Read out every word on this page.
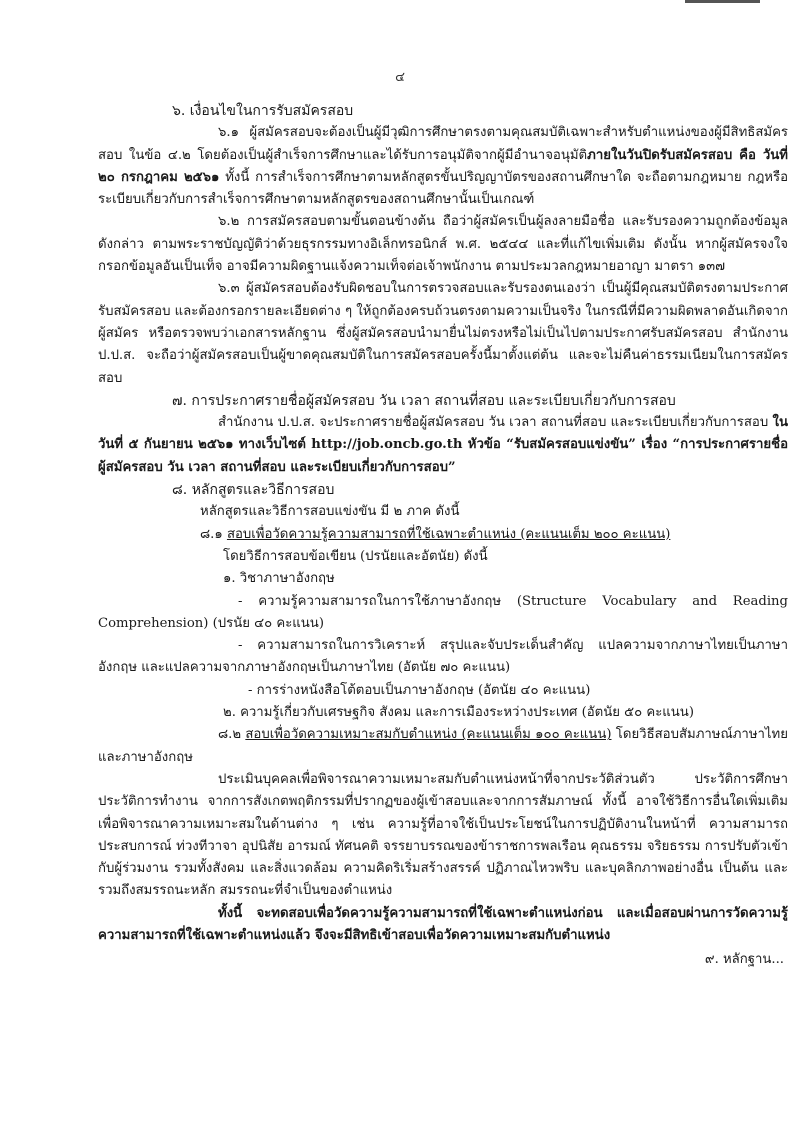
๔

๖. เงื่อนไขในการรับสมัครสอบ

๖.๑ ผู้สมัครสอบจะต้องเป็นผู้มีวุฒิการศึกษาตรงตามคุณสมบัติเฉพาะสำหรับตำแหน่งของผู้มีสิทธิสมัครสอบ ในข้อ ๔.๒ โดยต้องเป็นผู้สำเร็จการศึกษาและได้รับการอนุมัติจากผู้มีอำนาจอนุมัติภายในวันปิดรับสมัครสอบ คือ วันที่ ๒๐ กรกฎาคม ๒๕๖๑ ทั้งนี้ การสำเร็จการศึกษาตามหลักสูตรขั้นปริญญาบัตรของสถานศึกษาใด จะถือตามกฎหมาย กฎหรือระเบียบเกี่ยวกับการสำเร็จการศึกษาตามหลักสูตรของสถานศึกษานั้นเป็นเกณฑ์

๖.๒ การสมัครสอบตามขั้นตอนข้างต้น ถือว่าผู้สมัครเป็นผู้ลงลายมือชื่อ และรับรองความถูกต้องข้อมูลดังกล่าว ตามพระราชบัญญัติว่าด้วยธุรกรรมทางอิเล็กทรอนิกส์ พ.ศ. ๒๕๔๔ และที่แก้ไขเพิ่มเติม ดังนั้น หากผู้สมัครจงใจกรอกข้อมูลอันเป็นเท็จ อาจมีความผิดฐานแจ้งความเท็จต่อเจ้าพนักงาน ตามประมวลกฎหมายอาญา มาตรา ๑๓๗

๖.๓ ผู้สมัครสอบต้องรับผิดชอบในการตรวจสอบและรับรองตนเองว่า เป็นผู้มีคุณสมบัติตรงตามประกาศรับสมัครสอบ และต้องกรอกรายละเอียดต่าง ๆ ให้ถูกต้องครบถ้วนตรงตามความเป็นจริง ในกรณีที่มีความผิดพลาดอันเกิดจากผู้สมัคร หรือตรวจพบว่าเอกสารหลักฐาน ซึ่งผู้สมัครสอบนำมายื่นไม่ตรงหรือไม่เป็นไปตามประกาศรับสมัครสอบ สำนักงาน ป.ป.ส. จะถือว่าผู้สมัครสอบเป็นผู้ขาดคุณสมบัติในการสมัครสอบครั้งนี้มาตั้งแต่ต้น และจะไม่คืนค่าธรรมเนียมในการสมัครสอบ

๗. การประกาศรายชื่อผู้สมัครสอบ วัน เวลา สถานที่สอบ และระเบียบเกี่ยวกับการสอบ

สำนักงาน ป.ป.ส. จะประกาศรายชื่อผู้สมัครสอบ วัน เวลา สถานที่สอบ และระเบียบเกี่ยวกับการสอบ ในวันที่ ๕ กันยายน ๒๕๖๑ ทางเว็บไซต์ http://job.oncb.go.th หัวข้อ “รับสมัครสอบแข่งขัน” เรื่อง “การประกาศรายชื่อผู้สมัครสอบ วัน เวลา สถานที่สอบ และระเบียบเกี่ยวกับการสอบ”

๘. หลักสูตรและวิธีการสอบ

หลักสูตรและวิธีการสอบแข่งขัน มี ๒ ภาค ดังนี้

๘.๑ สอบเพื่อวัดความรู้ความสามารถที่ใช้เฉพาะตำแหน่ง (คะแนนเต็ม ๒๐๐ คะแนน)

โดยวิธีการสอบข้อเขียน (ปรนัยและอัตนัย) ดังนี้

๑. วิชาภาษาอังกฤษ

- ความรู้ความสามารถในการใช้ภาษาอังกฤษ (Structure Vocabulary and Reading Comprehension) (ปรนัย ๔๐ คะแนน)

- ความสามารถในการวิเคราะห์ สรุปและจับประเด็นสำคัญ แปลความจากภาษาไทยเป็นภาษาอังกฤษ และแปลความจากภาษาอังกฤษเป็นภาษาไทย (อัตนัย ๗๐ คะแนน)

- การร่างหนังสือโต้ตอบเป็นภาษาอังกฤษ (อัตนัย ๔๐ คะแนน)

๒. ความรู้เกี่ยวกับเศรษฐกิจ สังคม และการเมืองระหว่างประเทศ (อัตนัย ๕๐ คะแนน)

๘.๒ สอบเพื่อวัดความเหมาะสมกับตำแหน่ง (คะแนนเต็ม ๑๐๐ คะแนน) โดยวิธีสอบสัมภาษณ์ภาษาไทยและภาษาอังกฤษ

ประเมินบุคคลเพื่อพิจารณาความเหมาะสมกับตำแหน่งหน้าที่จากประวัติส่วนตัว ประวัติการศึกษา ประวัติการทำงาน จากการสังเกตพฤติกรรมที่ปรากฏของผู้เข้าสอบและจากการสัมภาษณ์ ทั้งนี้ อาจใช้วิธีการอื่นใดเพิ่มเติมเพื่อพิจารณาความเหมาะสมในด้านต่าง ๆ เช่น ความรู้ที่อาจใช้เป็นประโยชน์ในการปฏิบัติงานในหน้าที่ ความสามารถ ประสบการณ์ ท่วงทีวาจา อุปนิสัย อารมณ์ ทัศนคติ จรรยาบรรณของข้าราชการพลเรือน คุณธรรม จริยธรรม การปรับตัวเข้ากับผู้ร่วมงาน รวมทั้งสังคม และสิ่งแวดล้อม ความคิดริเริ่มสร้างสรรค์ ปฏิภาณไหวพริบ และบุคลิกภาพอย่างอื่น เป็นต้น และรวมถึงสมรรถนะหลัก สมรรถนะที่จำเป็นของตำแหน่ง

ทั้งนี้ จะทดสอบเพื่อวัดความรู้ความสามารถที่ใช้เฉพาะตำแหน่งก่อน และเมื่อสอบผ่านการวัดความรู้ความสามารถที่ใช้เฉพาะตำแหน่งแล้ว จึงจะมีสิทธิเข้าสอบเพื่อวัดความเหมาะสมกับตำแหน่ง

๙. หลักฐาน...
